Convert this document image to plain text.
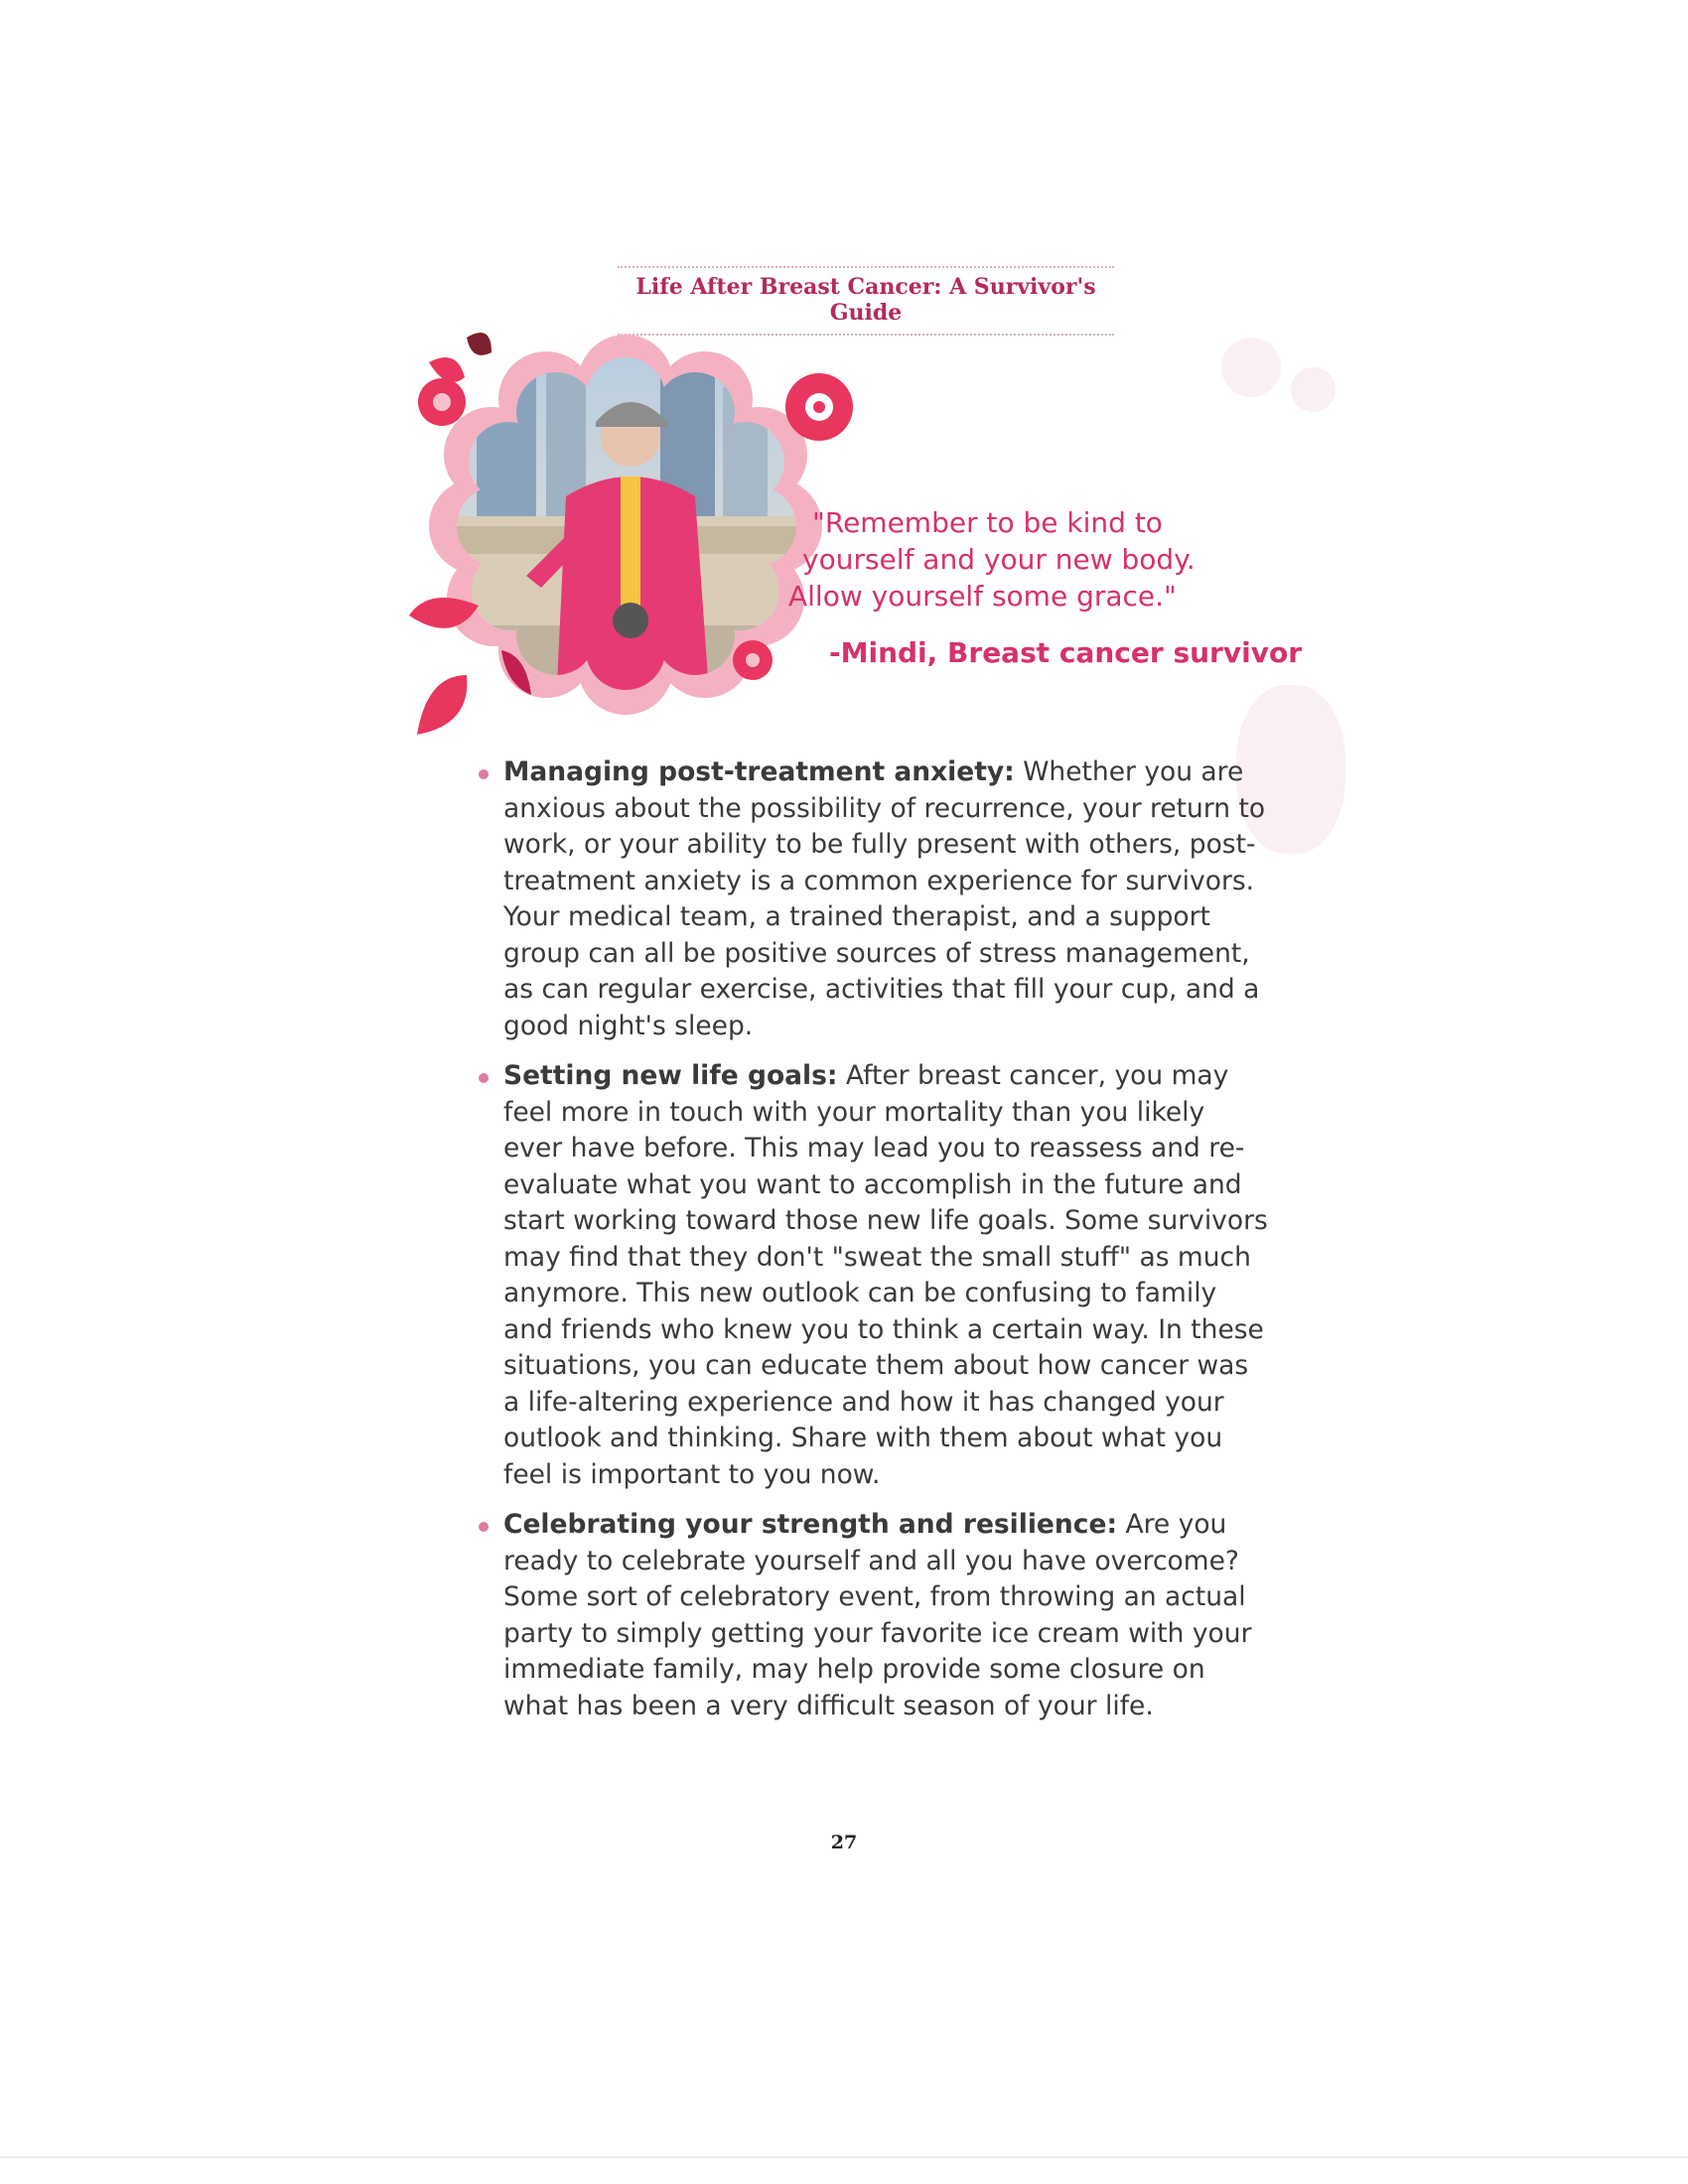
Life After Breast Cancer: A Survivor's Guide
"Remember to be kind to
yourself and your new body.
Allow yourself some grace."
-Mindi, Breast cancer survivor
Managing post-treatment anxiety: Whether you are anxious about the possibility of recurrence, your return to work, or your ability to be fully present with others, post-treatment anxiety is a common experience for survivors. Your medical team, a trained therapist, and a support group can all be positive sources of stress management, as can regular exercise, activities that fill your cup, and a good night's sleep.
Setting new life goals: After breast cancer, you may feel more in touch with your mortality than you likely ever have before. This may lead you to reassess and re-evaluate what you want to accomplish in the future and start working toward those new life goals. Some survivors may find that they don't "sweat the small stuff" as much anymore. This new outlook can be confusing to family and friends who knew you to think a certain way. In these situations, you can educate them about how cancer was a life-altering experience and how it has changed your outlook and thinking. Share with them about what you feel is important to you now.
Celebrating your strength and resilience: Are you ready to celebrate yourself and all you have overcome? Some sort of celebratory event, from throwing an actual party to simply getting your favorite ice cream with your immediate family, may help provide some closure on what has been a very difficult season of your life.
27
